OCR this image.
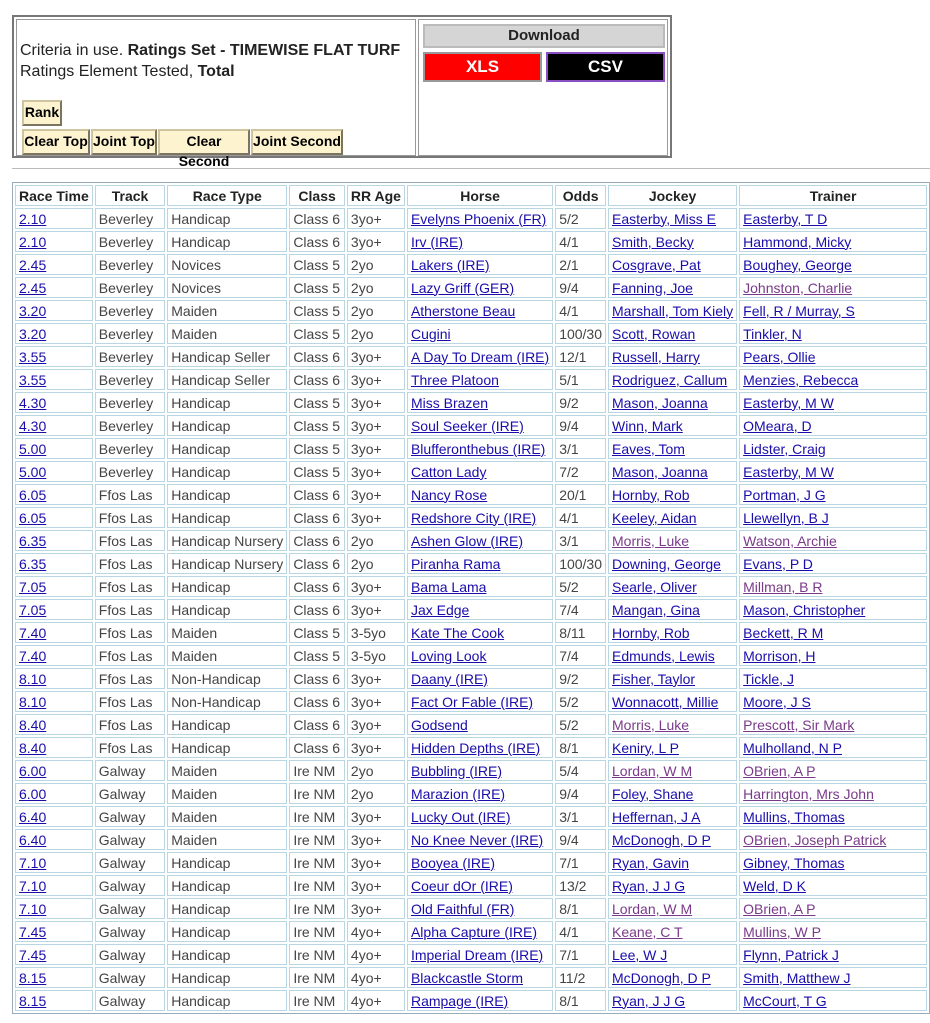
Criteria in use. Ratings Set - TIMEWISE FLAT TURF
Ratings Element Tested, Total
Rank
Clear Top Joint Top	Clear Second
Joint Second
Download
XLS	CSV
Race Time	Track	Race Type	Class	RR Age	Horse	Odds	Jockey	Trainer
2.10	Beverley	Handicap	Class 6	3yo+	Evelyns Phoenix (FR)	5/2	Easterby, Miss E	Easterby, T D
2.10	Beverley	Handicap	Class 6	3yo+	Irv (IRE)	4/1	Smith, Becky	Hammond, Micky
2.45	Beverley	Novices	Class 5	2yo	Lakers (IRE)	2/1	Cosgrave, Pat	Boughey, George
2.45	Beverley	Novices	Class 5	2yo	Lazy Griff (GER)	9/4	Fanning, Joe	Johnston, Charlie
3.20	Beverley	Maiden	Class 5	2yo	Atherstone Beau	4/1	Marshall, Tom Kiely	Fell, R / Murray, S
3.20	Beverley	Maiden	Class 5	2yo	Cugini	100/30	Scott, Rowan	Tinkler, N
3.55	Beverley	Handicap Seller	Class 6	3yo+	A Day To Dream (IRE)	12/1	Russell, Harry	Pears, Ollie
3.55	Beverley	Handicap Seller	Class 6	3yo+	Three Platoon	5/1	Rodriguez, Callum	Menzies, Rebecca
4.30	Beverley	Handicap	Class 5	3yo+	Miss Brazen	9/2	Mason, Joanna	Easterby, M W
4.30	Beverley	Handicap	Class 5	3yo+	Soul Seeker (IRE)	9/4	Winn, Mark	OMeara, D
5.00	Beverley	Handicap	Class 5	3yo+	Blufferonthebus (IRE)	3/1	Eaves, Tom	Lidster, Craig
5.00	Beverley	Handicap	Class 5	3yo+	Catton Lady	7/2	Mason, Joanna	Easterby, M W
6.05	Ffos Las	Handicap	Class 6	3yo+	Nancy Rose	20/1	Hornby, Rob	Portman, J G
6.05	Ffos Las	Handicap	Class 6	3yo+	Redshore City (IRE)	4/1	Keeley, Aidan	Llewellyn, B J
6.35	Ffos Las	Handicap Nursery	Class 6	2yo	Ashen Glow (IRE)	3/1	Morris, Luke	Watson, Archie
6.35	Ffos Las	Handicap Nursery	Class 6	2yo	Piranha Rama	100/30	Downing, George	Evans, P D
7.05	Ffos Las	Handicap	Class 6	3yo+	Bama Lama	5/2	Searle, Oliver	Millman, B R
7.05	Ffos Las	Handicap	Class 6	3yo+	Jax Edge	7/4	Mangan, Gina	Mason, Christopher
7.40	Ffos Las	Maiden	Class 5	3-5yo	Kate The Cook	8/11	Hornby, Rob	Beckett, R M
7.40	Ffos Las	Maiden	Class 5	3-5yo	Loving Look	7/4	Edmunds, Lewis	Morrison, H
8.10	Ffos Las	Non-Handicap	Class 6	3yo+	Daany (IRE)	9/2	Fisher, Taylor	Tickle, J
8.10	Ffos Las	Non-Handicap	Class 6	3yo+	Fact Or Fable (IRE)	5/2	Wonnacott, Millie	Moore, J S
8.40	Ffos Las	Handicap	Class 6	3yo+	Godsend	5/2	Morris, Luke	Prescott, Sir Mark
8.40	Ffos Las	Handicap	Class 6	3yo+	Hidden Depths (IRE)	8/1	Keniry, L P	Mulholland, N P
6.00	Galway	Maiden	Ire NM	2yo	Bubbling (IRE)	5/4	Lordan, W M	OBrien, A P
6.00	Galway	Maiden	Ire NM	2yo	Marazion (IRE)	9/4	Foley, Shane	Harrington, Mrs John
6.40	Galway	Maiden	Ire NM	3yo+	Lucky Out (IRE)	3/1	Heffernan, J A	Mullins, Thomas
6.40	Galway	Maiden	Ire NM	3yo+	No Knee Never (IRE)	9/4	McDonogh, D P	OBrien, Joseph Patrick
7.10	Galway	Handicap	Ire NM	3yo+	Booyea (IRE)	7/1	Ryan, Gavin	Gibney, Thomas
7.10	Galway	Handicap	Ire NM	3yo+	Coeur dOr (IRE)	13/2	Ryan, J J G	Weld, D K
7.10	Galway	Handicap	Ire NM	3yo+	Old Faithful (FR)	8/1	Lordan, W M	OBrien, A P
7.45	Galway	Handicap	Ire NM	4yo+	Alpha Capture (IRE)	4/1	Keane, C T	Mullins, W P
7.45	Galway	Handicap	Ire NM	4yo+	Imperial Dream (IRE)	7/1	Lee, W J	Flynn, Patrick J
8.15	Galway	Handicap	Ire NM	4yo+	Blackcastle Storm	11/2	McDonogh, D P	Smith, Matthew J
8.15	Galway	Handicap	Ire NM	4yo+	Rampage (IRE)	8/1	Ryan, J J G	McCourt, T G
